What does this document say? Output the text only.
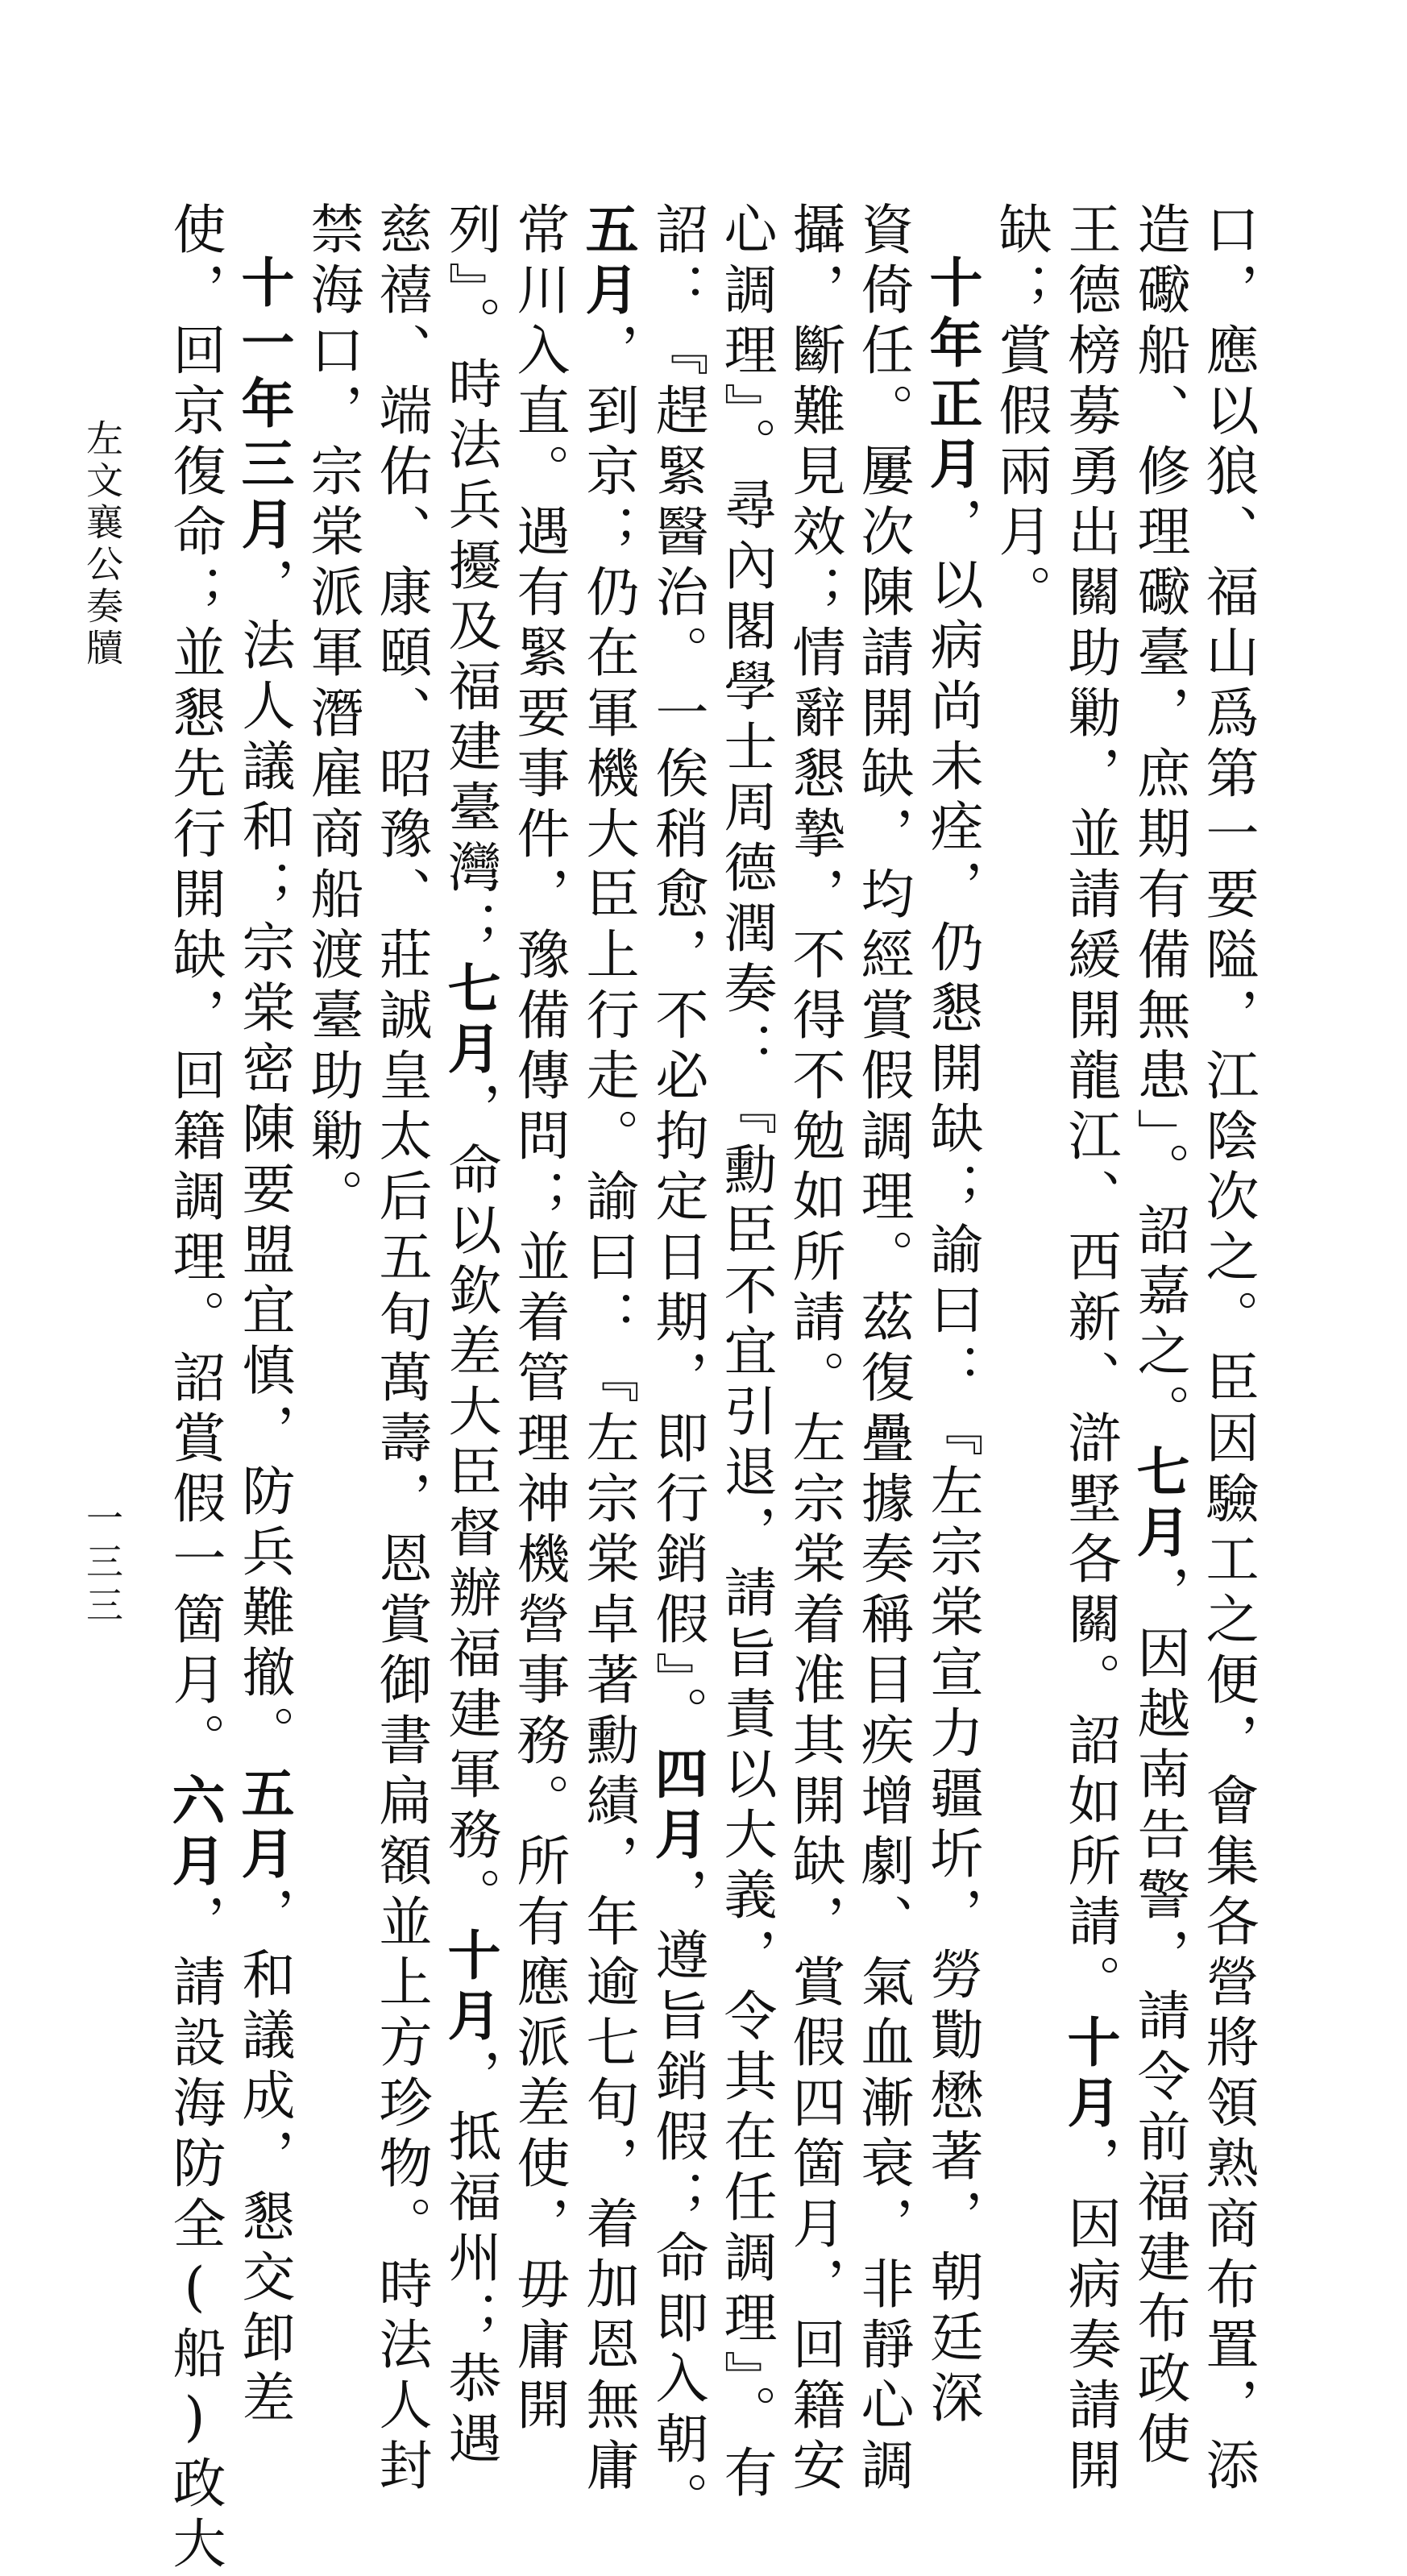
左文襄公奏牘
一三三	口，應以狼、福山爲第一要隘，江陰次之。臣因驗工之便，會集各營將領熟商布置，添

造礮船、修理礮臺，庶期有備無患」。詔嘉之。七月，因越南告警，請令前福建布政使

王德榜募勇出關助勦，並請緩開龍江、西新、滸墅各關。詔如所請。十月，因病奏請開

缺；賞假兩月。

十年正月，以病尚未痊，仍懇開缺；諭曰：『左宗棠宣力疆圻，勞勩懋著，朝廷深

資倚任。屢次陳請開缺，均經賞假調理。茲復疊據奏稱目疾增劇、氣血漸衰，非靜心調

攝，斷難見效；情辭懇摯，不得不勉如所請。左宗棠着准其開缺，賞假四箇月，回籍安

心調理』。尋內閣學士周德潤奏：『勳臣不宜引退，請旨責以大義，令其在任調理』。有

詔：『趕緊醫治。一俟稍愈，不必拘定日期，即行銷假』。四月，遵旨銷假；命即入朝。

五月，到京；仍在軍機大臣上行走。諭曰：『左宗棠卓著勳績，年逾七旬，着加恩無庸

常川入直。遇有緊要事件，豫備傳問；並着管理神機營事務。所有應派差使，毋庸開

列』。時法兵擾及福建臺灣；七月，命以欽差大臣督辦福建軍務。十月，抵福州；恭遇

慈禧、端佑、康頤、昭豫、莊誠皇太后五旬萬壽，恩賞御書扁額並上方珍物。時法人封

禁海口，宗棠派軍潛雇商船渡臺助勦。

十一年三月，法人議和；宗棠密陳要盟宜慎，防兵難撤。五月，和議成，懇交卸差

使，回京復命；並懇先行開缺，回籍調理。詔賞假一箇月。六月，請設海防全(船)政大
